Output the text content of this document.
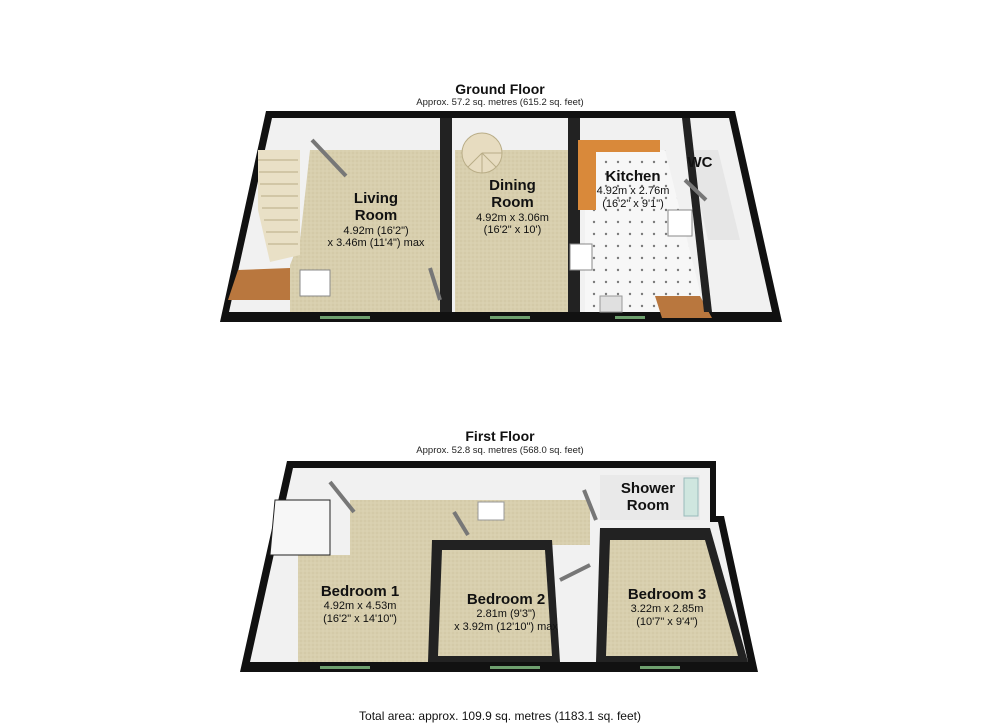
Ground Floor
Approx. 57.2 sq. metres (615.2 sq. feet)
Living
Room
4.92m (16'2")
x 3.46m (11'4") max
Dining
Room
4.92m x 3.06m
(16'2" x 10')
Kitchen
4.92m x 2.76m
(16'2" x 9'1")
WC
First Floor
Approx. 52.8 sq. metres (568.0 sq. feet)
Bedroom 1
4.92m x 4.53m
(16'2" x 14'10")
Bedroom 2
2.81m (9'3")
x 3.92m (12'10") max
Bedroom 3
3.22m x 2.85m
(10'7" x 9'4")
Shower
Room
Total area: approx. 109.9 sq. metres (1183.1 sq. feet)
